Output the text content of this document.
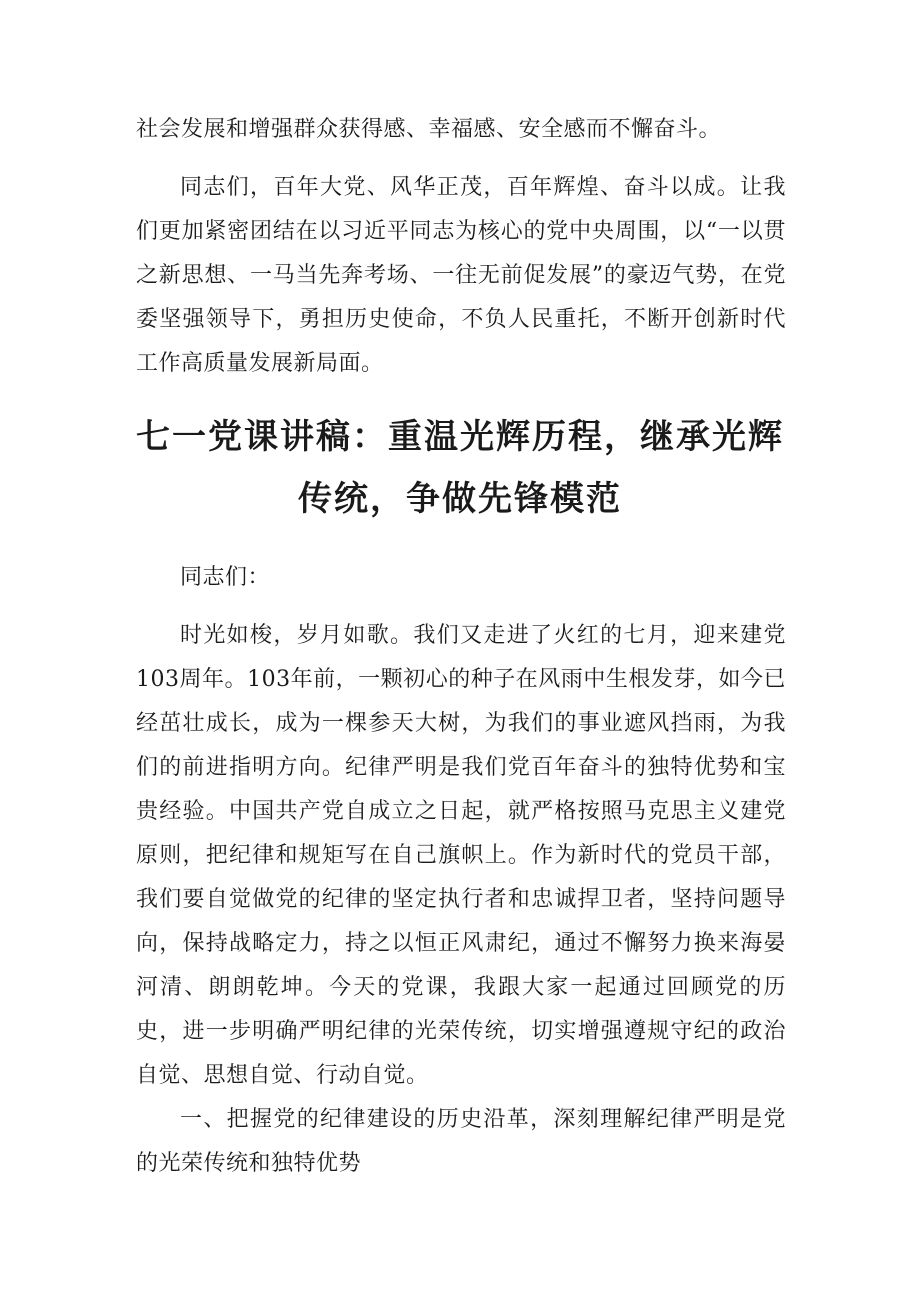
社会发展和增强群众获得感、幸福感、安全感而不懈奋斗。

同志们，百年大党、风华正茂，百年辉煌、奋斗以成。让我们更加紧密团结在以习近平同志为核心的党中央周围，以“一以贯之新思想、一马当先奔考场、一往无前促发展”的豪迈气势，在党委坚强领导下，勇担历史使命，不负人民重托，不断开创新时代工作高质量发展新局面。

七一党课讲稿：重温光辉历程，继承光辉传统，争做先锋模范

同志们：

时光如梭，岁月如歌。我们又走进了火红的七月，迎来建党103周年。103年前，一颗初心的种子在风雨中生根发芽，如今已经茁壮成长，成为一棵参天大树，为我们的事业遮风挡雨，为我们的前进指明方向。纪律严明是我们党百年奋斗的独特优势和宝贵经验。中国共产党自成立之日起，就严格按照马克思主义建党原则，把纪律和规矩写在自己旗帜上。作为新时代的党员干部，我们要自觉做党的纪律的坚定执行者和忠诚捍卫者，坚持问题导向，保持战略定力，持之以恒正风肃纪，通过不懈努力换来海晏河清、朗朗乾坤。今天的党课，我跟大家一起通过回顾党的历史，进一步明确严明纪律的光荣传统，切实增强遵规守纪的政治自觉、思想自觉、行动自觉。

一、把握党的纪律建设的历史沿革，深刻理解纪律严明是党的光荣传统和独特优势
